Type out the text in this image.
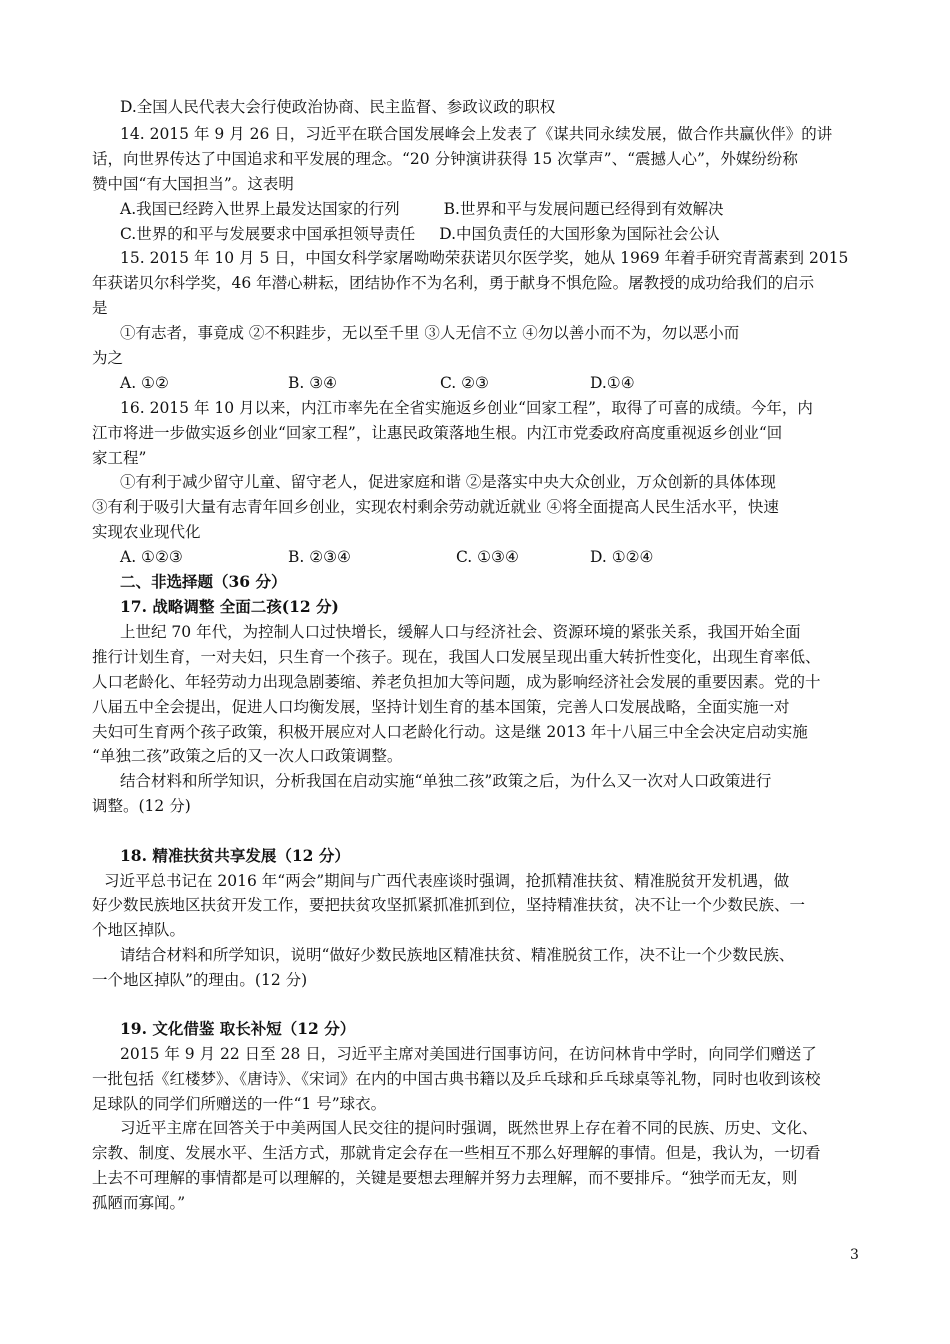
D.全国人民代表大会行使政治协商、民主监督、参政议政的职权
14. 2015 年 9 月 26 日，习近平在联合国发展峰会上发表了《谋共同永续发展，做合作共赢伙伴》的讲
话，向世界传达了中国追求和平发展的理念。“20 分钟演讲获得 15 次掌声”、“震撼人心”，外媒纷纷称
赞中国“有大国担当”。这表明
A.我国已经跨入世界上最发达国家的行列	B.世界和平与发展问题已经得到有效解决
C.世界的和平与发展要求中国承担领导责任 D.中国负责任的大国形象为国际社会公认
15. 2015 年 10 月 5 日，中国女科学家屠呦呦荣获诺贝尔医学奖，她从 1969 年着手研究青蒿素到 2015
年获诺贝尔科学奖，46 年潜心耕耘，团结协作不为名利，勇于献身不惧危险。屠教授的成功给我们的启示
是
①有志者，事竟成 ②不积跬步，无以至千里 ③人无信不立 ④勿以善小而不为，勿以恶小而
为之
A. ①②	B. ③④	C. ②③	D.①④
16. 2015 年 10 月以来，内江市率先在全省实施返乡创业“回家工程”，取得了可喜的成绩。今年，内
江市将进一步做实返乡创业“回家工程”，让惠民政策落地生根。内江市党委政府高度重视返乡创业“回
家工程”
①有利于减少留守儿童、留守老人，促进家庭和谐 ②是落实中央大众创业，万众创新的具体体现
③有利于吸引大量有志青年回乡创业，实现农村剩余劳动就近就业 ④将全面提高人民生活水平，快速
实现农业现代化
A. ①②③	B. ②③④	C. ①③④	D. ①②④
二、非选择题（36 分）
17. 战略调整 全面二孩(12 分)
上世纪 70 年代，为控制人口过快增长，缓解人口与经济社会、资源环境的紧张关系，我国开始全面
推行计划生育，一对夫妇，只生育一个孩子。现在，我国人口发展呈现出重大转折性变化，出现生育率低、
人口老龄化、年轻劳动力出现急剧萎缩、养老负担加大等问题，成为影响经济社会发展的重要因素。党的十
八届五中全会提出，促进人口均衡发展，坚持计划生育的基本国策，完善人口发展战略，全面实施一对
夫妇可生育两个孩子政策，积极开展应对人口老龄化行动。这是继 2013 年十八届三中全会决定启动实施
“单独二孩”政策之后的又一次人口政策调整。
结合材料和所学知识，分析我国在启动实施“单独二孩”政策之后，为什么又一次对人口政策进行
调整。(12 分)
18. 精准扶贫共享发展（12 分）
习近平总书记在 2016 年“两会”期间与广西代表座谈时强调，抢抓精准扶贫、精准脱贫开发机遇，做
好少数民族地区扶贫开发工作，要把扶贫攻坚抓紧抓准抓到位，坚持精准扶贫，决不让一个少数民族、一
个地区掉队。
请结合材料和所学知识，说明“做好少数民族地区精准扶贫、精准脱贫工作，决不让一个少数民族、
一个地区掉队”的理由。(12 分)
19. 文化借鉴 取长补短（12 分）
2015 年 9 月 22 日至 28 日，习近平主席对美国进行国事访问，在访问林肯中学时，向同学们赠送了
一批包括《红楼梦》、《唐诗》、《宋词》在内的中国古典书籍以及乒乓球和乒乓球桌等礼物，同时也收到该校
足球队的同学们所赠送的一件“1 号”球衣。
习近平主席在回答关于中美两国人民交往的提问时强调，既然世界上存在着不同的民族、历史、文化、
宗教、制度、发展水平、生活方式，那就肯定会存在一些相互不那么好理解的事情。但是，我认为，一切看
上去不可理解的事情都是可以理解的，关键是要想去理解并努力去理解，而不要排斥。“独学而无友，则
孤陋而寡闻。”
3
